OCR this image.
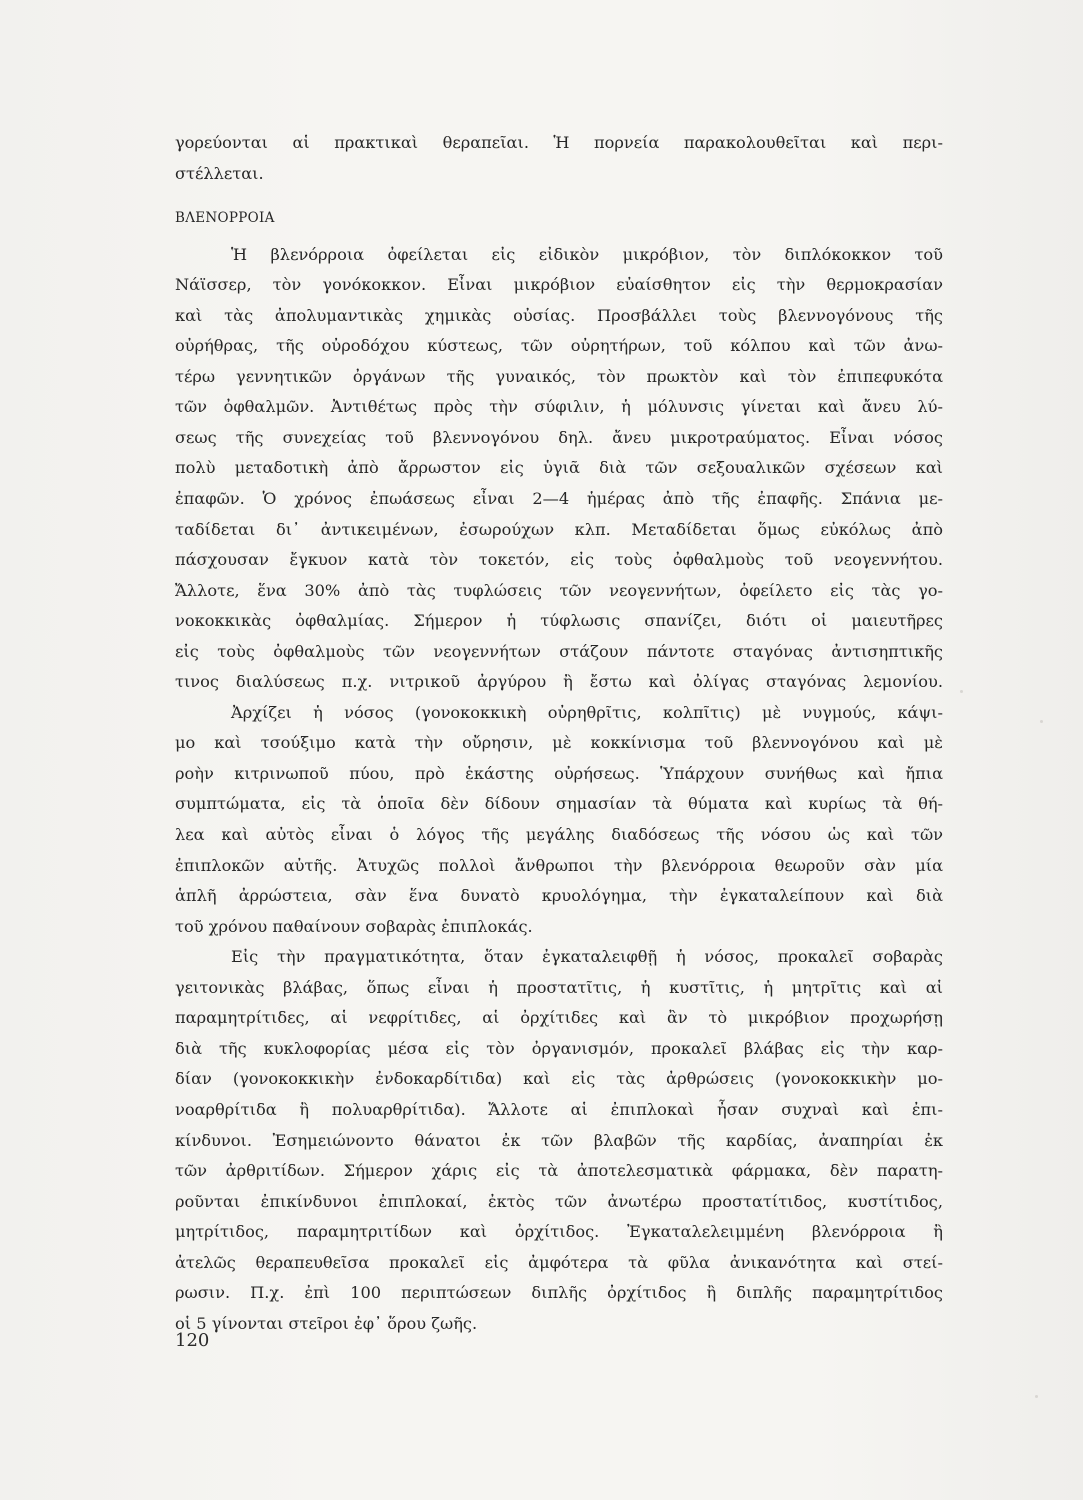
γορεύονται αἱ πρακτικαὶ θεραπεῖαι. Ἡ πορνεία παρακολουθεῖται καὶ περι-
στέλλεται.
ΒΛΕΝΟΡΡΟΙΑ
Ἡ βλενόρροια ὀφείλεται εἰς εἰδικὸν μικρόβιον, τὸν διπλόκοκκον τοῦ
Νάϊσσερ, τὸν γονόκοκκον. Εἶναι μικρόβιον εὐαίσθητον εἰς τὴν θερμοκρασίαν
καὶ τὰς ἀπολυμαντικὰς χημικὰς οὐσίας. Προσβάλλει τοὺς βλεννογόνους τῆς
οὐρήθρας, τῆς οὐροδόχου κύστεως, τῶν οὐρητήρων, τοῦ κόλπου καὶ τῶν ἀνω-
τέρω γεννητικῶν ὀργάνων τῆς γυναικός, τὸν πρωκτὸν καὶ τὸν ἐπιπεφυκότα
τῶν ὀφθαλμῶν. Ἀντιθέτως πρὸς τὴν σύφιλιν, ἡ μόλυνσις γίνεται καὶ ἄνευ λύ-
σεως τῆς συνεχείας τοῦ βλεννογόνου δηλ. ἄνευ μικροτραύματος. Εἶναι νόσος
πολὺ μεταδοτικὴ ἀπὸ ἄρρωστον εἰς ὑγιᾶ διὰ τῶν σεξουαλικῶν σχέσεων καὶ
ἐπαφῶν. Ὁ χρόνος ἐπωάσεως εἶναι 2—4 ἡμέρας ἀπὸ τῆς ἐπαφῆς. Σπάνια με-
ταδίδεται δι᾿ ἀντικειμένων, ἐσωρούχων κλπ. Μεταδίδεται ὅμως εὐκόλως ἀπὸ
πάσχουσαν ἔγκυον κατὰ τὸν τοκετόν, εἰς τοὺς ὀφθαλμοὺς τοῦ νεογεννήτου.
Ἄλλοτε, ἕνα 30% ἀπὸ τὰς τυφλώσεις τῶν νεογεννήτων, ὀφείλετο εἰς τὰς γο-
νοκοκκικὰς ὀφθαλμίας. Σήμερον ἡ τύφλωσις σπανίζει, διότι οἱ μαιευτῆρες
εἰς τοὺς ὀφθαλμοὺς τῶν νεογεννήτων στάζουν πάντοτε σταγόνας ἀντισηπτικῆς
τινος διαλύσεως π.χ. νιτρικοῦ ἀργύρου ἢ ἔστω καὶ ὀλίγας σταγόνας λεμονίου.
Ἀρχίζει ἡ νόσος (γονοκοκκικὴ οὐρηθρῖτις, κολπῖτις) μὲ νυγμούς, κάψι-
μο καὶ τσούξιμο κατὰ τὴν οὔρησιν, μὲ κοκκίνισμα τοῦ βλεννογόνου καὶ μὲ
ροὴν κιτρινωποῦ πύου, πρὸ ἑκάστης οὐρήσεως. Ὑπάρχουν συνήθως καὶ ἤπια
συμπτώματα, εἰς τὰ ὁποῖα δὲν δίδουν σημασίαν τὰ θύματα καὶ κυρίως τὰ θή-
λεα καὶ αὐτὸς εἶναι ὁ λόγος τῆς μεγάλης διαδόσεως τῆς νόσου ὡς καὶ τῶν
ἐπιπλοκῶν αὐτῆς. Ἀτυχῶς πολλοὶ ἄνθρωποι τὴν βλενόρροια θεωροῦν σὰν μία
ἁπλῆ ἀρρώστεια, σὰν ἕνα δυνατὸ κρυολόγημα, τὴν ἐγκαταλείπουν καὶ διὰ
τοῦ χρόνου παθαίνουν σοβαρὰς ἐπιπλοκάς.
Εἰς τὴν πραγματικότητα, ὅταν ἐγκαταλειφθῇ ἡ νόσος, προκαλεῖ σοβαρὰς
γειτονικὰς βλάβας, ὅπως εἶναι ἡ προστατῖτις, ἡ κυστῖτις, ἡ μητρῖτις καὶ αἱ
παραμητρίτιδες, αἱ νεφρίτιδες, αἱ ὀρχίτιδες καὶ ἂν τὸ μικρόβιον προχωρήσῃ
διὰ τῆς κυκλοφορίας μέσα εἰς τὸν ὀργανισμόν, προκαλεῖ βλάβας εἰς τὴν καρ-
δίαν (γονοκοκκικὴν ἐνδοκαρδίτιδα) καὶ εἰς τὰς ἀρθρώσεις (γονοκοκκικὴν μο-
νοαρθρίτιδα ἢ πολυαρθρίτιδα). Ἄλλοτε αἱ ἐπιπλοκαὶ ἦσαν συχναὶ καὶ ἐπι-
κίνδυνοι. Ἐσημειώνοντο θάνατοι ἐκ τῶν βλαβῶν τῆς καρδίας, ἀναπηρίαι ἐκ
τῶν ἀρθριτίδων. Σήμερον χάρις εἰς τὰ ἀποτελεσματικὰ φάρμακα, δὲν παρατη-
ροῦνται ἐπικίνδυνοι ἐπιπλοκαί, ἐκτὸς τῶν ἀνωτέρω προστατίτιδος, κυστίτιδος,
μητρίτιδος, παραμητριτίδων καὶ ὀρχίτιδος. Ἐγκαταλελειμμένη βλενόρροια ἢ
ἀτελῶς θεραπευθεῖσα προκαλεῖ εἰς ἀμφότερα τὰ φῦλα ἀνικανότητα καὶ στεί-
ρωσιν. Π.χ. ἐπὶ 100 περιπτώσεων διπλῆς ὀρχίτιδος ἢ διπλῆς παραμητρίτιδος
οἱ 5 γίνονται στεῖροι ἐφ᾿ ὅρου ζωῆς.
120
